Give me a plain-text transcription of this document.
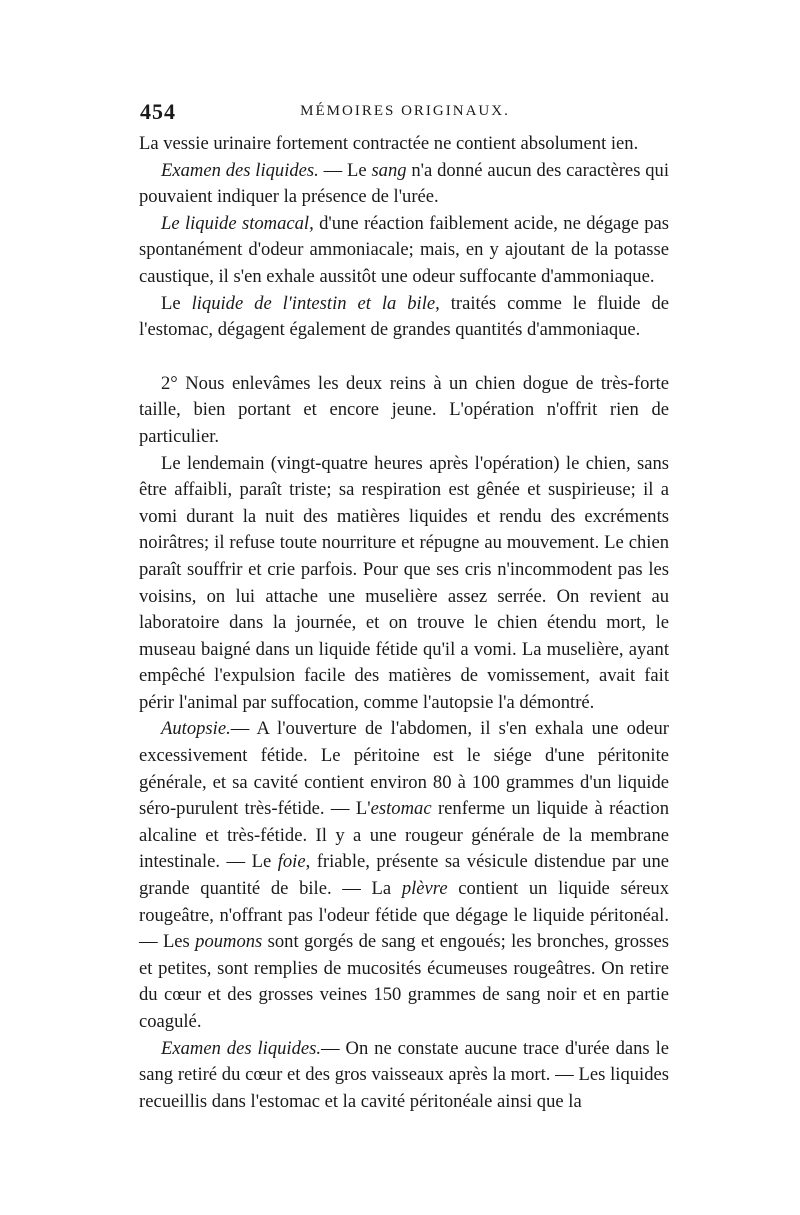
454	MÉMOIRES ORIGINAUX.

La vessie urinaire fortement contractée ne contient absolument ien.

Examen des liquides. — Le sang n'a donné aucun des caractères qui pouvaient indiquer la présence de l'urée.

Le liquide stomacal, d'une réaction faiblement acide, ne dégage pas spontanément d'odeur ammoniacale; mais, en y ajoutant de la potasse caustique, il s'en exhale aussitôt une odeur suffocante d'ammoniaque.

Le liquide de l'intestin et la bile, traités comme le fluide de l'estomac, dégagent également de grandes quantités d'ammoniaque.

2° Nous enlevâmes les deux reins à un chien dogue de très-forte taille, bien portant et encore jeune. L'opération n'offrit rien de particulier.

Le lendemain (vingt-quatre heures après l'opération) le chien, sans être affaibli, paraît triste; sa respiration est gênée et suspirieuse; il a vomi durant la nuit des matières liquides et rendu des excréments noirâtres; il refuse toute nourriture et répugne au mouvement. Le chien paraît souffrir et crie parfois. Pour que ses cris n'incommodent pas les voisins, on lui attache une muselière assez serrée. On revient au laboratoire dans la journée, et on trouve le chien étendu mort, le museau baigné dans un liquide fétide qu'il a vomi. La muselière, ayant empêché l'expulsion facile des matières de vomissement, avait fait périr l'animal par suffocation, comme l'autopsie l'a démontré.

Autopsie.— A l'ouverture de l'abdomen, il s'en exhala une odeur excessivement fétide. Le péritoine est le siége d'une péritonite générale, et sa cavité contient environ 80 à 100 grammes d'un liquide séro-purulent très-fétide. — L'estomac renferme un liquide à réaction alcaline et très-fétide. Il y a une rougeur générale de la membrane intestinale. — Le foie, friable, présente sa vésicule distendue par une grande quantité de bile. — La plèvre contient un liquide séreux rougeâtre, n'offrant pas l'odeur fétide que dégage le liquide péritonéal. — Les poumons sont gorgés de sang et engoués; les bronches, grosses et petites, sont remplies de mucosités écumeuses rougeâtres. On retire du cœur et des grosses veines 150 grammes de sang noir et en partie coagulé.

Examen des liquides.— On ne constate aucune trace d'urée dans le sang retiré du cœur et des gros vaisseaux après la mort. — Les liquides recueillis dans l'estomac et la cavité péritonéale ainsi que la
